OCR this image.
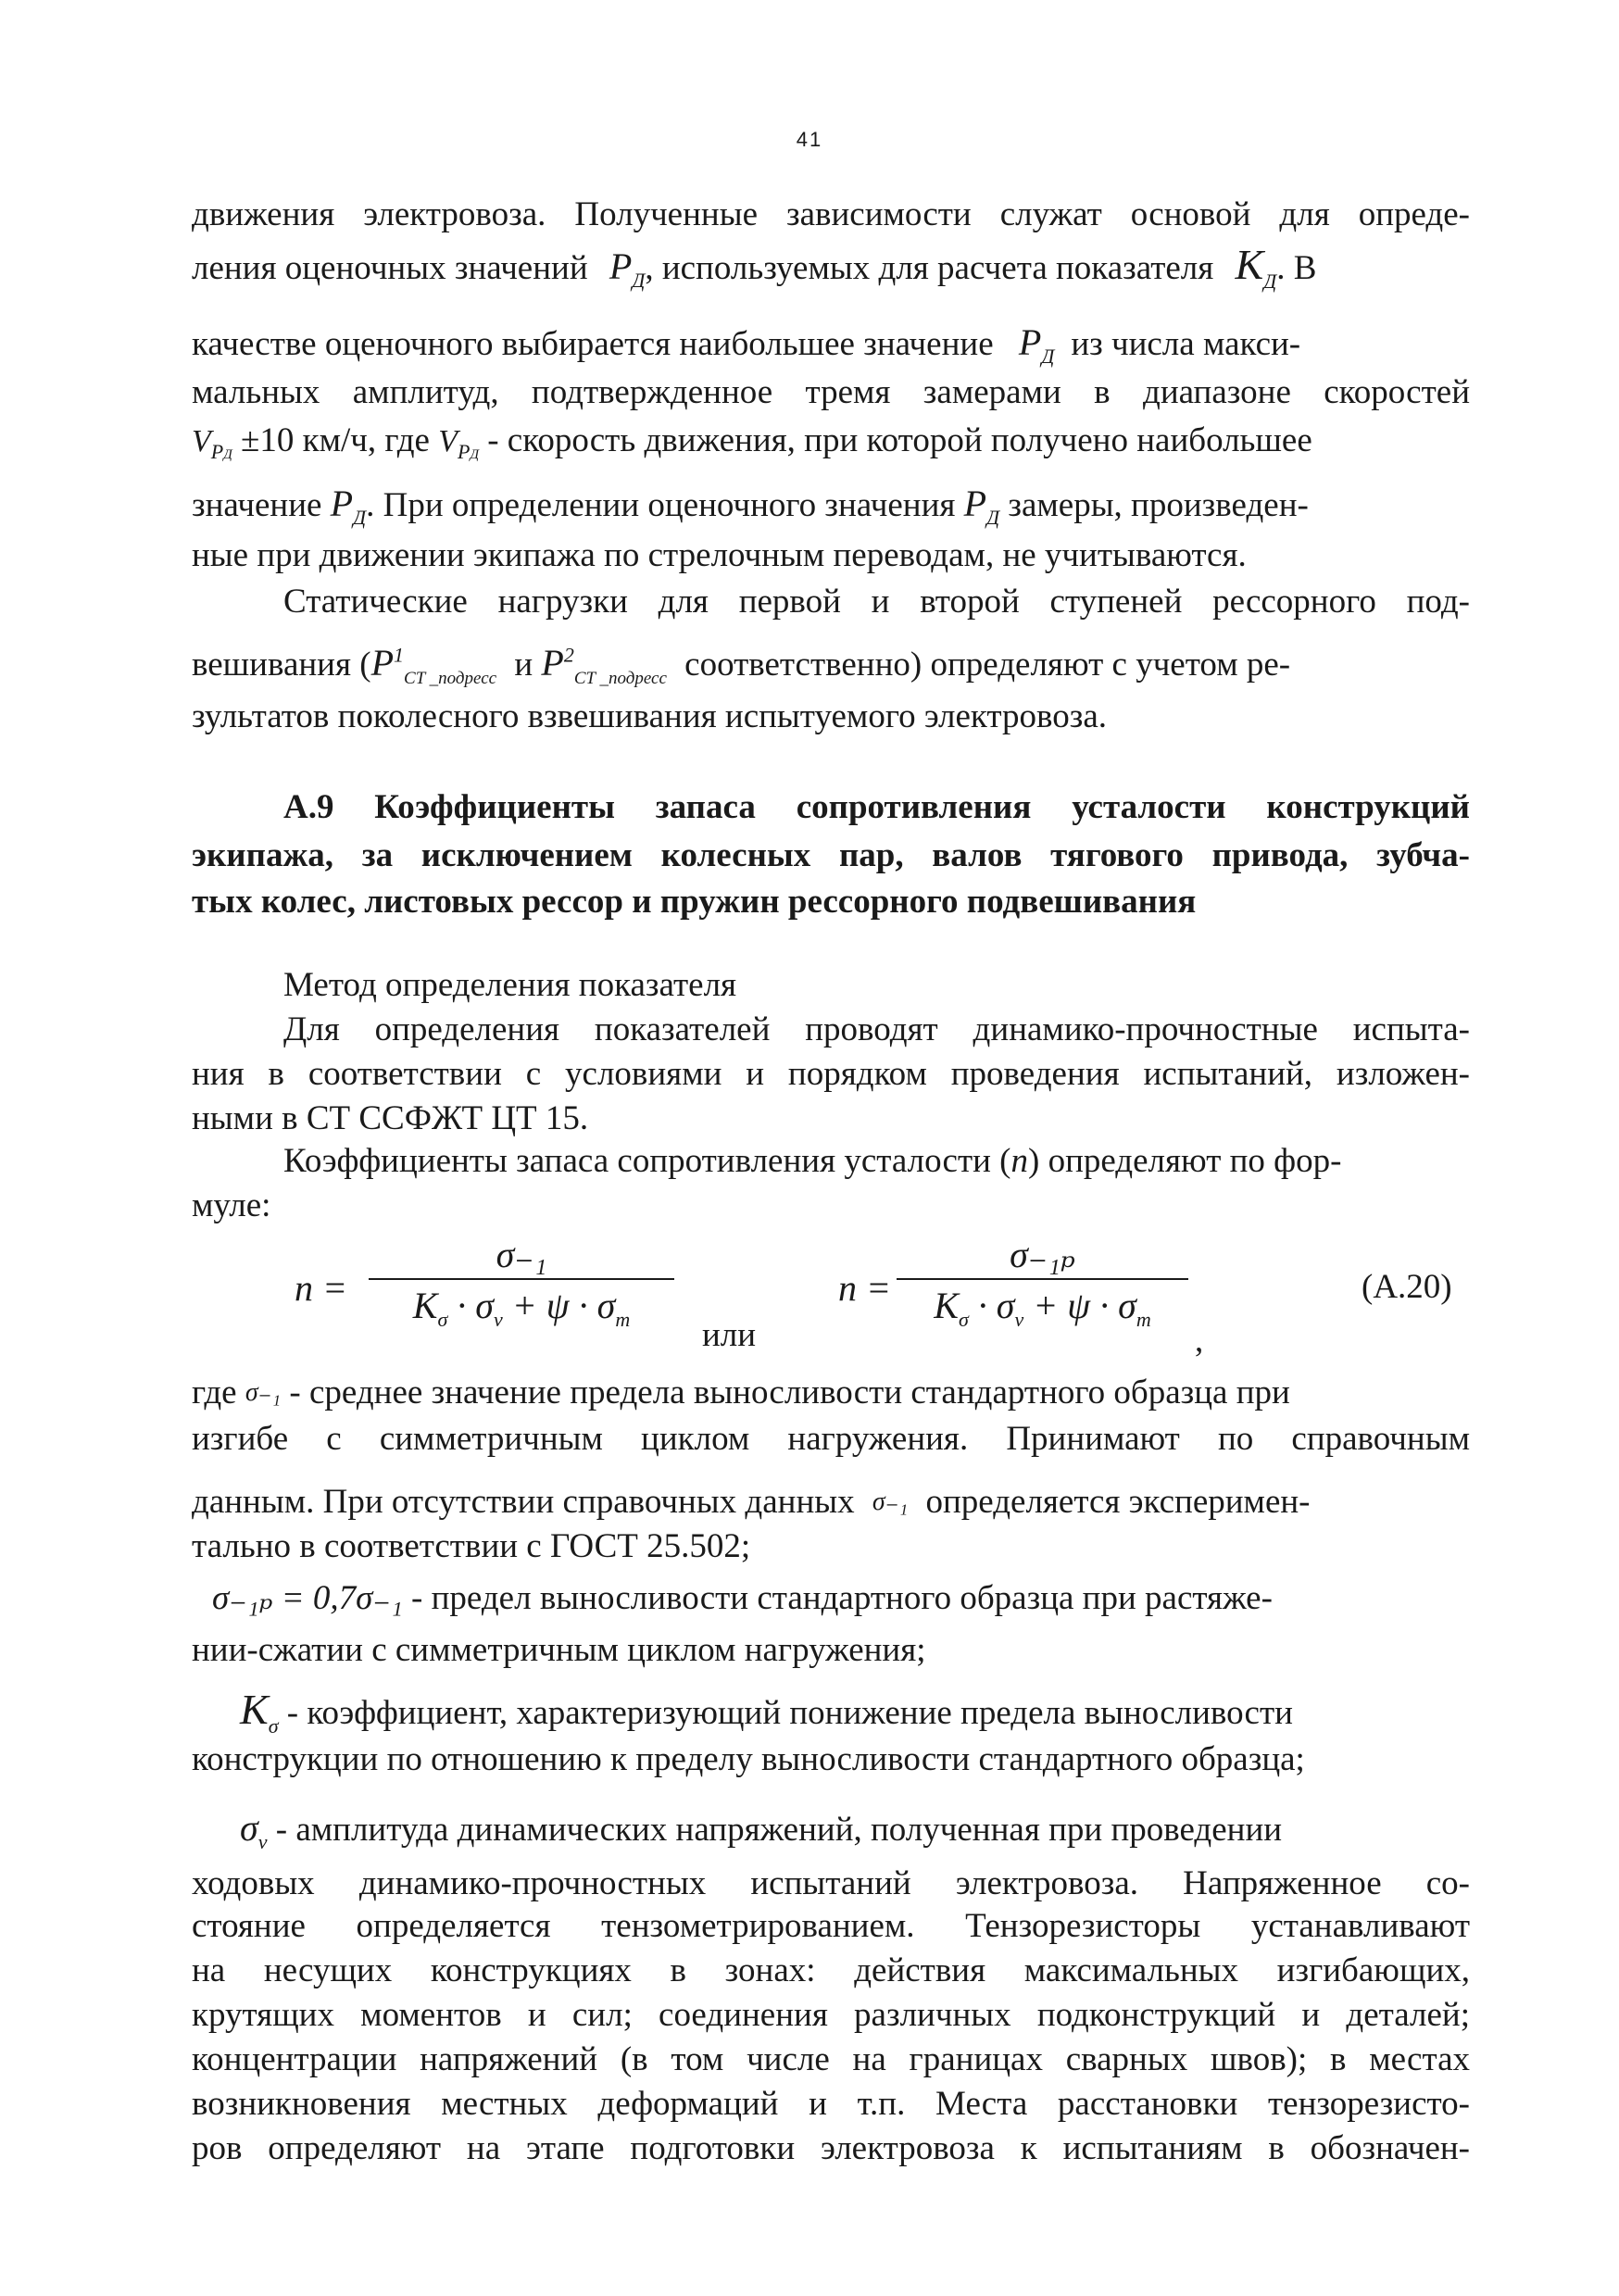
41

движения электровоза. Полученные зависимости служат основой для опреде-

ления оценочных значений $P_Д$, используемых для расчета показателя $K_Д$. В

качестве оценочного выбирается наибольшее значение $P_Д$ из числа макси-

мальных амплитуд, подтвержденное тремя замерами в диапазоне скоростей

$V_{PД} \pm 10$ км/ч, где $V_{PД}$ - скорость движения, при которой получено наибольшее

значение $P_Д$. При определении оценочного значения $P_Д$ замеры, произведен-

ные при движении экипажа по стрелочным переводам, не учитываются.

Статические нагрузки для первой и второй ступеней рессорного под-

вешивания ($P^1_{CT \_подресс}$ и $P^2_{CT \_подресс}$ соответственно) определяют с учетом ре-

зультатов поколесного взвешивания испытуемого электровоза.

А.9 Коэффициенты запаса сопротивления усталости конструкций

экипажа, за исключением колесных пар, валов тягового привода, зубча-

тых колес, листовых рессор и пружин рессорного подвешивания

Метод определения показателя

Для определения показателей проводят динамико-прочностные испыта-

ния в соответствии с условиями и порядком проведения испытаний, изложен-

ными в СТ ССФЖТ ЦТ 15.

Коэффициенты запаса сопротивления усталости (n) определяют по фор-

муле:

n =
σ₋₁
$K_\sigma \cdot \sigma_v + \psi \cdot \sigma_m$	или
n =
σ₋₁ₚ
$K_\sigma \cdot \sigma_v + \psi \cdot \sigma_m$
,
(А.20)

где $^{\sigma_{-1}}$ - среднее значение предела выносливости стандартного образца при

изгибе с симметричным циклом нагружения. Принимают по справочным

данным. При отсутствии справочных данных $^{\sigma_{-1}}$ определяется эксперимен-

тально в соответствии с ГОСТ 25.502;

σ₋₁ₚ = 0,7σ₋₁ - предел выносливости стандартного образца при растяже-

нии-сжатии с симметричным циклом нагружения;

$K_\sigma$ - коэффициент, характеризующий понижение предела выносливости

конструкции по отношению к пределу выносливости стандартного образца;

$\sigma_v$ - амплитуда динамических напряжений, полученная при проведении

ходовых динамико-прочностных испытаний электровоза. Напряженное со-

стояние определяется тензометрированием. Тензорезисторы устанавливают

на несущих конструкциях в зонах: действия максимальных изгибающих,

крутящих моментов и сил; соединения различных подконструкций и деталей;

концентрации напряжений (в том числе на границах сварных швов); в местах

возникновения местных деформаций и т.п. Места расстановки тензорезисто-

ров определяют на этапе подготовки электровоза к испытаниям в обозначен-
